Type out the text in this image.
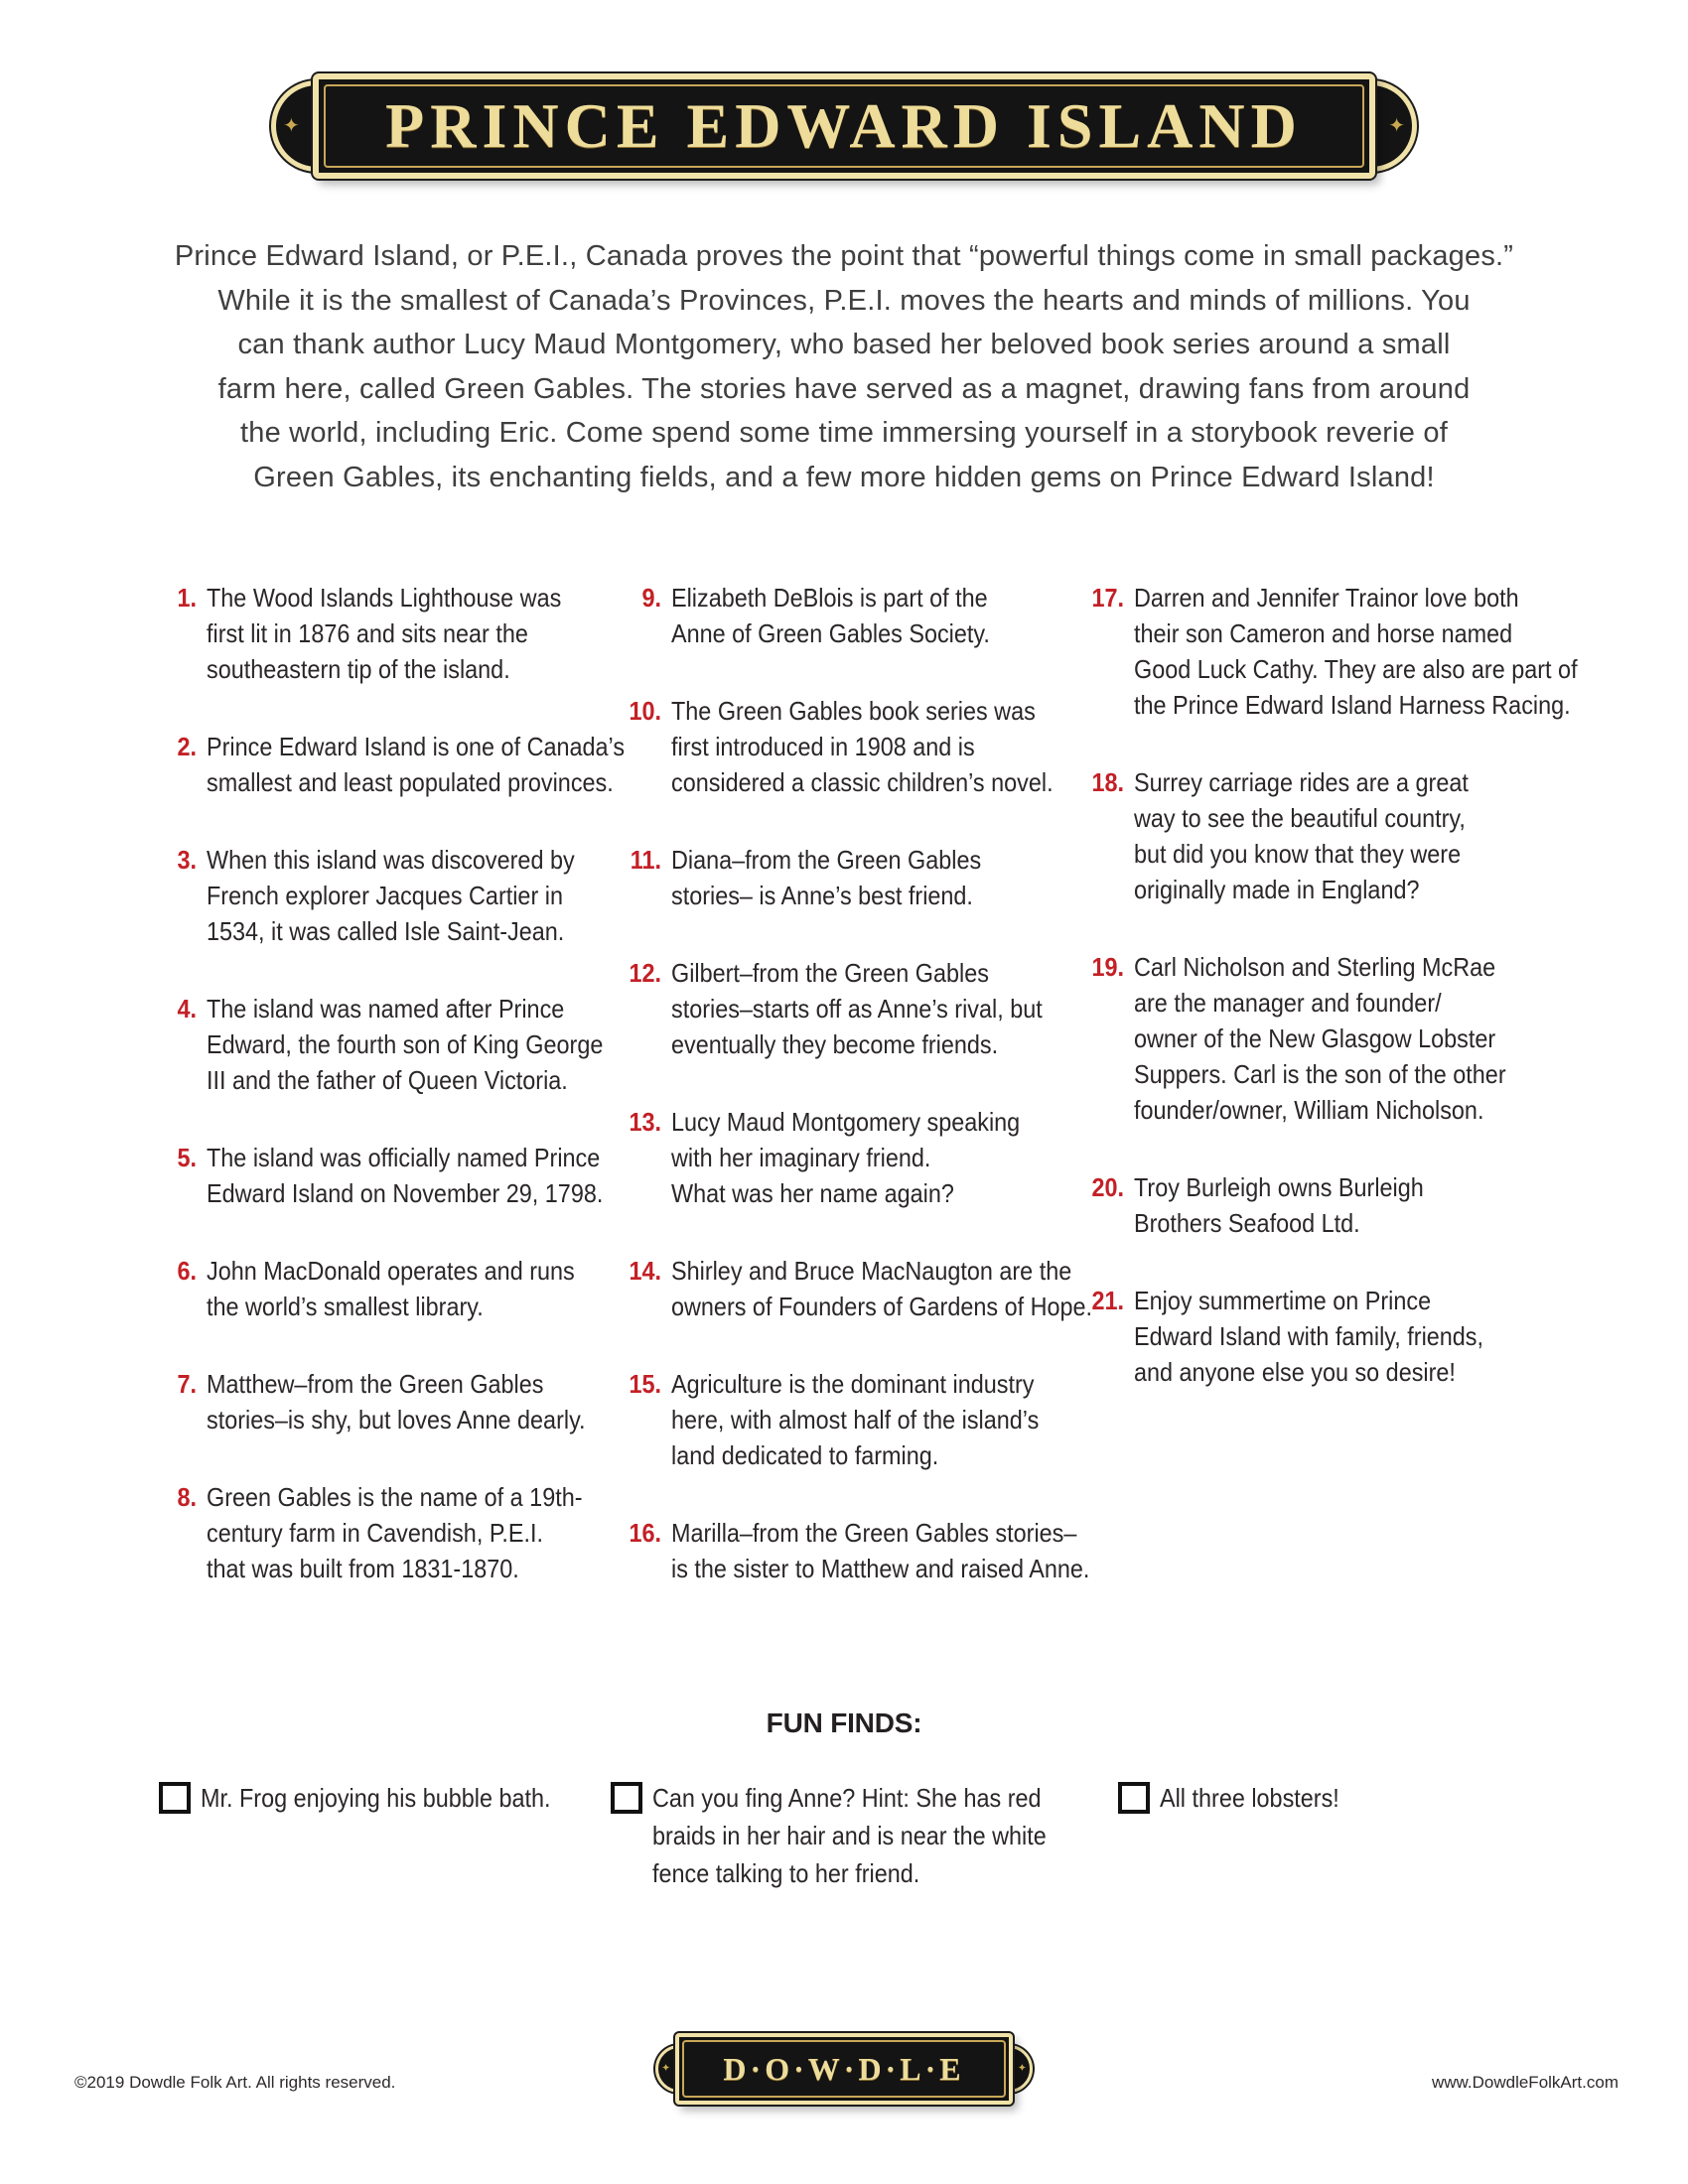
PRINCE EDWARD ISLAND
✦	✦
Prince Edward Island, or P.E.I., Canada proves the point that “powerful things come in small packages.”
While it is the smallest of Canada’s Provinces, P.E.I. moves the hearts and minds of millions. You
can thank author Lucy Maud Montgomery, who based her beloved book series around a small
farm here, called Green Gables. The stories have served as a magnet, drawing fans from around
the world, including Eric. Come spend some time immersing yourself in a storybook reverie of
Green Gables, its enchanting fields, and a few more hidden gems on Prince Edward Island!
1. The Wood Islands Lighthouse was
first lit in 1876 and sits near the
southeastern tip of the island.
2. Prince Edward Island is one of Canada’s
smallest and least populated provinces.
3. When this island was discovered by
French explorer Jacques Cartier in
1534, it was called Isle Saint-Jean.
4. The island was named after Prince
Edward, the fourth son of King George
III and the father of Queen Victoria.
5. The island was officially named Prince
Edward Island on November 29, 1798.
6. John MacDonald operates and runs
the world’s smallest library.
7. Matthew–from the Green Gables
stories–is shy, but loves Anne dearly.
8. Green Gables is the name of a 19th-
century farm in Cavendish, P.E.I.
that was built from 1831-1870.
9. Elizabeth DeBlois is part of the
Anne of Green Gables Society.
10. The Green Gables book series was
first introduced in 1908 and is
considered a classic children’s novel.
11. Diana–from the Green Gables
stories– is Anne’s best friend.
12. Gilbert–from the Green Gables
stories–starts off as Anne’s rival, but
eventually they become friends.
13. Lucy Maud Montgomery speaking
with her imaginary friend.
What was her name again?
14. Shirley and Bruce MacNaugton are the
owners of Founders of Gardens of Hope.
15. Agriculture is the dominant industry
here, with almost half of the island’s
land dedicated to farming.
16. Marilla–from the Green Gables stories–
is the sister to Matthew and raised Anne.
17. Darren and Jennifer Trainor love both
their son Cameron and horse named
Good Luck Cathy. They are also are part of
the Prince Edward Island Harness Racing.
18. Surrey carriage rides are a great
way to see the beautiful country,
but did you know that they were
originally made in England?
19. Carl Nicholson and Sterling McRae
are the manager and founder/
owner of the New Glasgow Lobster
Suppers. Carl is the son of the other
founder/owner, William Nicholson.
20. Troy Burleigh owns Burleigh
Brothers Seafood Ltd.
21. Enjoy summertime on Prince
Edward Island with family, friends,
and anyone else you so desire!
FUN FINDS:
Mr. Frog enjoying his bubble bath.	Can you fing Anne? Hint: She has red
braids in her hair and is near the white
fence talking to her friend.
All three lobsters!
©2019 Dowdle Folk Art. All rights reserved.	D·O·W·D·L·E
✦	✦
www.DowdleFolkArt.com
